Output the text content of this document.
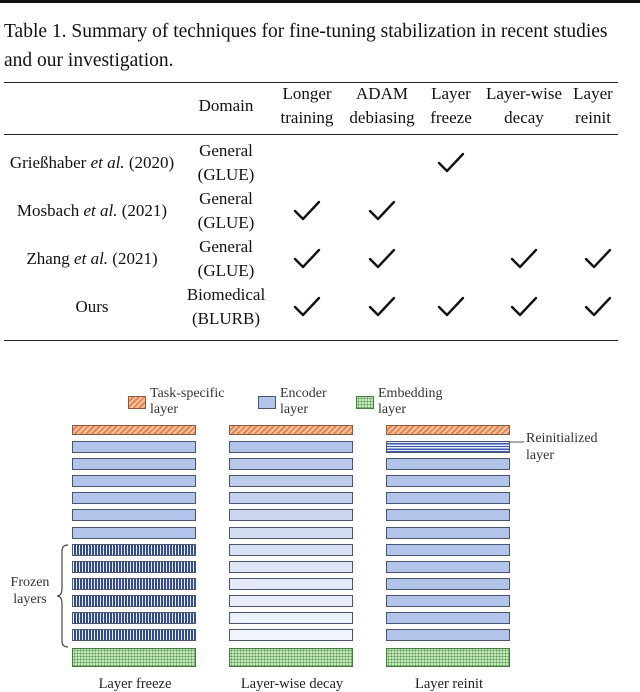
Table 1. Summary of techniques for fine-tuning stabilization in recent studies and our investigation.

Domain
Longer
training
ADAM
debiasing
Layer
freeze
Layer-wise
decay
Layer
reinit
Grießhaber et al. (2020)
General
(GLUE)
Mosbach et al. (2021)
General
(GLUE)
Zhang et al. (2021)
General
(GLUE)
Ours
Biomedical
(BLURB)
Task-specific
layer
Encoder
layer
Embedding
layer
Frozen
layers
Reinitialized
layer
Layer freeze	Layer-wise decay	Layer reinit
